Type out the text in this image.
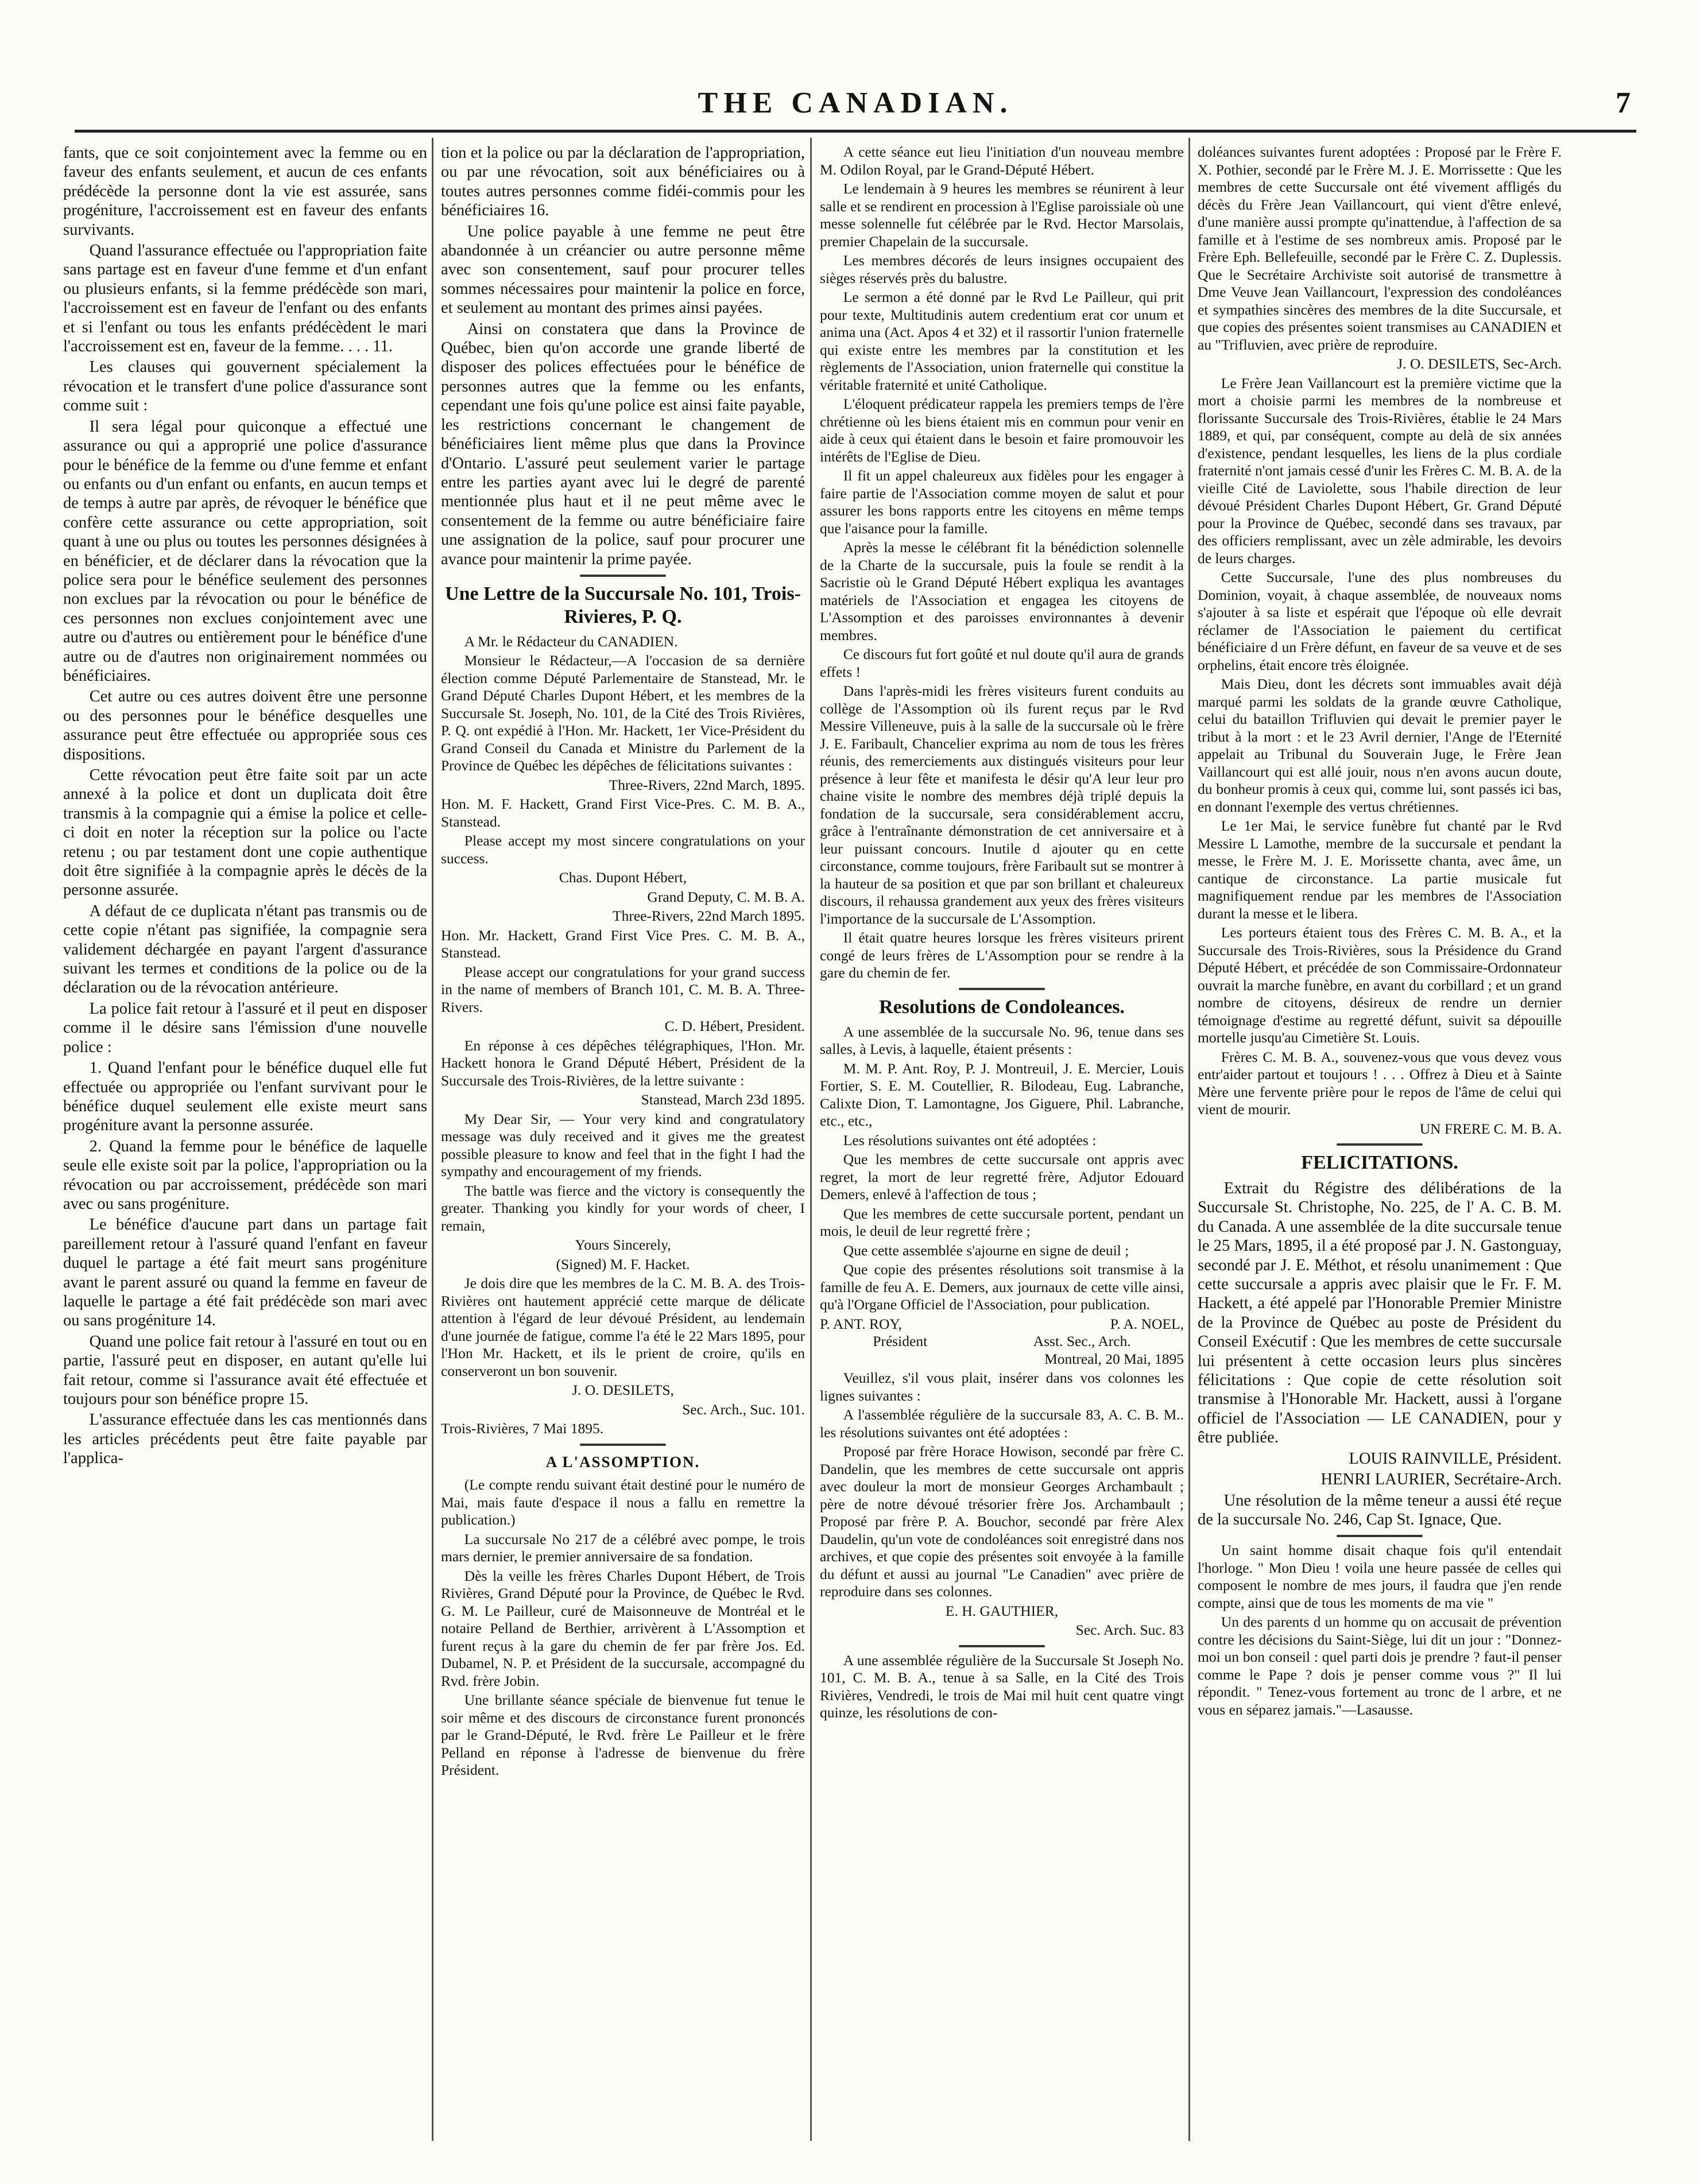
THE CANADIAN.	7

fants, que ce soit conjointement avec la femme ou en faveur des enfants seulement, et aucun de ces enfants prédécède la personne dont la vie est assurée, sans progéniture, l'accroissement est en faveur des enfants survivants.

Quand l'assurance effectuée ou l'appropriation faite sans partage est en faveur d'une femme et d'un enfant ou plusieurs enfants, si la femme prédécède son mari, l'accroissement est en faveur de l'enfant ou des enfants et si l'enfant ou tous les enfants prédécèdent le mari l'accroissement est en, faveur de la femme. . . . 11.

Les clauses qui gouvernent spécialement la révocation et le transfert d'une police d'assurance sont comme suit :

Il sera légal pour quiconque a effectué une assurance ou qui a approprié une police d'assurance pour le bénéfice de la femme ou d'une femme et enfant ou enfants ou d'un enfant ou enfants, en aucun temps et de temps à autre par après, de révoquer le bénéfice que confère cette assurance ou cette appropriation, soit quant à une ou plus ou toutes les personnes désignées à en bénéficier, et de déclarer dans la révocation que la police sera pour le bénéfice seulement des personnes non exclues par la révocation ou pour le bénéfice de ces personnes non exclues conjointement avec une autre ou d'autres ou entièrement pour le bénéfice d'une autre ou de d'autres non originairement nommées ou bénéficiaires.

Cet autre ou ces autres doivent être une personne ou des personnes pour le bénéfice desquelles une assurance peut être effectuée ou appropriée sous ces dispositions.

Cette révocation peut être faite soit par un acte annexé à la police et dont un duplicata doit être transmis à la compagnie qui a émise la police et celle-ci doit en noter la réception sur la police ou l'acte retenu ; ou par testament dont une copie authentique doit être signifiée à la compagnie après le décès de la personne assurée.

A défaut de ce duplicata n'étant pas transmis ou de cette copie n'étant pas signifiée, la compagnie sera validement déchargée en payant l'argent d'assurance suivant les termes et conditions de la police ou de la déclaration ou de la révocation antérieure.

La police fait retour à l'assuré et il peut en disposer comme il le désire sans l'émission d'une nouvelle police :

1. Quand l'enfant pour le bénéfice duquel elle fut effectuée ou appropriée ou l'enfant survivant pour le bénéfice duquel seulement elle existe meurt sans progéniture avant la personne assurée.

2. Quand la femme pour le bénéfice de laquelle seule elle existe soit par la police, l'appropriation ou la révocation ou par accroissement, prédécède son mari avec ou sans progéniture.

Le bénéfice d'aucune part dans un partage fait pareillement retour à l'assuré quand l'enfant en faveur duquel le partage a été fait meurt sans progéniture avant le parent assuré ou quand la femme en faveur de laquelle le partage a été fait prédécède son mari avec ou sans progéniture 14.

Quand une police fait retour à l'assuré en tout ou en partie, l'assuré peut en disposer, en autant qu'elle lui fait retour, comme si l'assurance avait été effectuée et toujours pour son bénéfice propre 15.

L'assurance effectuée dans les cas mentionnés dans les articles précédents peut être faite payable par l'applica-

tion et la police ou par la déclaration de l'appropriation, ou par une révocation, soit aux bénéficiaires ou à toutes autres personnes comme fidéi-commis pour les bénéficiaires 16.

Une police payable à une femme ne peut être abandonnée à un créancier ou autre personne même avec son consentement, sauf pour procurer telles sommes nécessaires pour maintenir la police en force, et seulement au montant des primes ainsi payées.

Ainsi on constatera que dans la Province de Québec, bien qu'on accorde une grande liberté de disposer des polices effectuées pour le bénéfice de personnes autres que la femme ou les enfants, cependant une fois qu'une police est ainsi faite payable, les restrictions concernant le changement de bénéficiaires lient même plus que dans la Province d'Ontario. L'assuré peut seulement varier le partage entre les parties ayant avec lui le degré de parenté mentionnée plus haut et il ne peut même avec le consentement de la femme ou autre bénéficiaire faire une assignation de la police, sauf pour procurer une avance pour maintenir la prime payée.

Une Lettre de la Succursale No. 101, Trois-Rivieres, P. Q.

A Mr. le Rédacteur du CANADIEN.

Monsieur le Rédacteur,—A l'occasion de sa dernière élection comme Député Parlementaire de Stanstead, Mr. le Grand Député Charles Dupont Hébert, et les membres de la Succursale St. Joseph, No. 101, de la Cité des Trois Rivières, P. Q. ont expédié à l'Hon. Mr. Hackett, 1er Vice-Président du Grand Conseil du Canada et Ministre du Parlement de la Province de Québec les dépêches de félicitations suivantes :

Three-Rivers, 22nd March, 1895.

Hon. M. F. Hackett, Grand First Vice-Pres. C. M. B. A., Stanstead.

Please accept my most sincere congratulations on your success.

Chas. Dupont Hébert,

Grand Deputy, C. M. B. A.

Three-Rivers, 22nd March 1895.

Hon. Mr. Hackett, Grand First Vice Pres. C. M. B. A., Stanstead.

Please accept our congratulations for your grand success in the name of members of Branch 101, C. M. B. A. Three-Rivers.

C. D. Hébert, President.

En réponse à ces dépêches télégraphiques, l'Hon. Mr. Hackett honora le Grand Député Hébert, Président de la Succursale des Trois-Rivières, de la lettre suivante :

Stanstead, March 23d 1895.

My Dear Sir, — Your very kind and congratulatory message was duly received and it gives me the greatest possible pleasure to know and feel that in the fight I had the sympathy and encouragement of my friends.

The battle was fierce and the victory is consequently the greater. Thanking you kindly for your words of cheer, I remain,

Yours Sincerely,

(Signed) M. F. Hacket.

Je dois dire que les membres de la C. M. B. A. des Trois-Rivières ont hautement apprécié cette marque de délicate attention à l'égard de leur dévoué Président, au lendemain d'une journée de fatigue, comme l'a été le 22 Mars 1895, pour l'Hon Mr. Hackett, et ils le prient de croire, qu'ils en conserveront un bon souvenir.

J. O. DESILETS,

Sec. Arch., Suc. 101.

Trois-Rivières, 7 Mai 1895.

A L'ASSOMPTION.

(Le compte rendu suivant était destiné pour le numéro de Mai, mais faute d'espace il nous a fallu en remettre la publication.)

La succursale No 217 de a célébré avec pompe, le trois mars dernier, le premier anniversaire de sa fondation.

Dès la veille les frères Charles Dupont Hébert, de Trois Rivières, Grand Député pour la Province, de Québec le Rvd. G. M. Le Pailleur, curé de Maisonneuve de Montréal et le notaire Pelland de Berthier, arrivèrent à L'Assomption et furent reçus à la gare du chemin de fer par frère Jos. Ed. Dubamel, N. P. et Président de la succursale, accompagné du Rvd. frère Jobin.

Une brillante séance spéciale de bienvenue fut tenue le soir même et des discours de circonstance furent prononcés par le Grand-Député, le Rvd. frère Le Pailleur et le frère Pelland en réponse à l'adresse de bienvenue du frère Président.

A cette séance eut lieu l'initiation d'un nouveau membre M. Odilon Royal, par le Grand-Député Hébert.

Le lendemain à 9 heures les membres se réunirent à leur salle et se rendirent en procession à l'Eglise paroissiale où une messe solennelle fut célébrée par le Rvd. Hector Marsolais, premier Chapelain de la succursale.

Les membres décorés de leurs insignes occupaient des sièges réservés près du balustre.

Le sermon a été donné par le Rvd Le Pailleur, qui prit pour texte, Multitudinis autem credentium erat cor unum et anima una (Act. Apos 4 et 32) et il rassortir l'union fraternelle qui existe entre les membres par la constitution et les règlements de l'Association, union fraternelle qui constitue la véritable fraternité et unité Catholique.

L'éloquent prédicateur rappela les premiers temps de l'ère chrétienne où les biens étaient mis en commun pour venir en aide à ceux qui étaient dans le besoin et faire promouvoir les intérêts de l'Eglise de Dieu.

Il fit un appel chaleureux aux fidèles pour les engager à faire partie de l'Association comme moyen de salut et pour assurer les bons rapports entre les citoyens en même temps que l'aisance pour la famille.

Après la messe le célébrant fit la bénédiction solennelle de la Charte de la succursale, puis la foule se rendit à la Sacristie où le Grand Député Hébert expliqua les avantages matériels de l'Association et engagea les citoyens de L'Assomption et des paroisses environnantes à devenir membres.

Ce discours fut fort goûté et nul doute qu'il aura de grands effets !

Dans l'après-midi les frères visiteurs furent conduits au collège de l'Assomption où ils furent reçus par le Rvd Messire Villeneuve, puis à la salle de la succursale où le frère J. E. Faribault, Chancelier exprima au nom de tous les frères réunis, des remerciements aux distingués visiteurs pour leur présence à leur fête et manifesta le désir qu'A leur leur pro chaine visite le nombre des membres déjà triplé depuis la fondation de la succursale, sera considérablement accru, grâce à l'entraînante démonstration de cet anniversaire et à leur puissant concours. Inutile d ajouter qu en cette circonstance, comme toujours, frère Faribault sut se montrer à la hauteur de sa position et que par son brillant et chaleureux discours, il rehaussa grandement aux yeux des frères visiteurs l'importance de la succursale de L'Assomption.

Il était quatre heures lorsque les frères visiteurs prirent congé de leurs frères de L'Assomption pour se rendre à la gare du chemin de fer.

Resolutions de Condoleances.

A une assemblée de la succursale No. 96, tenue dans ses salles, à Levis, à laquelle, étaient présents :

M. M. P. Ant. Roy, P. J. Montreuil, J. E. Mercier, Louis Fortier, S. E. M. Coutellier, R. Bilodeau, Eug. Labranche, Calixte Dion, T. Lamontagne, Jos Giguere, Phil. Labranche, etc., etc.,

Les résolutions suivantes ont été adoptées :

Que les membres de cette succursale ont appris avec regret, la mort de leur regretté frère, Adjutor Edouard Demers, enlevé à l'affection de tous ;

Que les membres de cette succursale portent, pendant un mois, le deuil de leur regretté frère ;

Que cette assemblée s'ajourne en signe de deuil ;

Que copie des présentes résolutions soit transmise à la famille de feu A. E. Demers, aux journaux de cette ville ainsi, qu'à l'Organe Officiel de l'Association, pour publication.

P. ANT. ROY,	P. A. NOEL,
Président	Asst. Sec., Arch.

Montreal, 20 Mai, 1895

Veuillez, s'il vous plait, insérer dans vos colonnes les lignes suivantes :

A l'assemblée régulière de la succursale 83, A. C. B. M.. les résolutions suivantes ont été adoptées :

Proposé par frère Horace Howison, secondé par frère C. Dandelin, que les membres de cette succursale ont appris avec douleur la mort de monsieur Georges Archambault ; père de notre dévoué trésorier frère Jos. Archambault ; Proposé par frère P. A. Bouchor, secondé par frère Alex Daudelin, qu'un vote de condoléances soit enregistré dans nos archives, et que copie des présentes soit envoyée à la famille du défunt et aussi au journal "Le Canadien" avec prière de reproduire dans ses colonnes.

E. H. GAUTHIER,

Sec. Arch. Suc. 83

A une assemblée régulière de la Succursale St Joseph No. 101, C. M. B. A., tenue à sa Salle, en la Cité des Trois Rivières, Vendredi, le trois de Mai mil huit cent quatre vingt quinze, les résolutions de con-

doléances suivantes furent adoptées : Proposé par le Frère F. X. Pothier, secondé par le Frère M. J. E. Morrissette : Que les membres de cette Succursale ont été vivement affligés du décès du Frère Jean Vaillancourt, qui vient d'être enlevé, d'une manière aussi prompte qu'inattendue, à l'affection de sa famille et à l'estime de ses nombreux amis. Proposé par le Frère Eph. Bellefeuille, secondé par le Frère C. Z. Duplessis. Que le Secrétaire Archiviste soit autorisé de transmettre à Dme Veuve Jean Vaillancourt, l'expression des condoléances et sympathies sincères des membres de la dite Succursale, et que copies des présentes soient transmises au CANADIEN et au "Trifluvien, avec prière de reproduire.

J. O. DESILETS, Sec-Arch.

Le Frère Jean Vaillancourt est la première victime que la mort a choisie parmi les membres de la nombreuse et florissante Succursale des Trois-Rivières, établie le 24 Mars 1889, et qui, par conséquent, compte au delà de six années d'existence, pendant lesquelles, les liens de la plus cordiale fraternité n'ont jamais cessé d'unir les Frères C. M. B. A. de la vieille Cité de Laviolette, sous l'habile direction de leur dévoué Président Charles Dupont Hébert, Gr. Grand Député pour la Province de Québec, secondé dans ses travaux, par des officiers remplissant, avec un zèle admirable, les devoirs de leurs charges.

Cette Succursale, l'une des plus nombreuses du Dominion, voyait, à chaque assemblée, de nouveaux noms s'ajouter à sa liste et espérait que l'époque où elle devrait réclamer de l'Association le paiement du certificat bénéficiaire d un Frère défunt, en faveur de sa veuve et de ses orphelins, était encore très éloignée.

Mais Dieu, dont les décrets sont immuables avait déjà marqué parmi les soldats de la grande œuvre Catholique, celui du bataillon Trifluvien qui devait le premier payer le tribut à la mort : et le 23 Avril dernier, l'Ange de l'Eternité appelait au Tribunal du Souverain Juge, le Frère Jean Vaillancourt qui est allé jouir, nous n'en avons aucun doute, du bonheur promis à ceux qui, comme lui, sont passés ici bas, en donnant l'exemple des vertus chrétiennes.

Le 1er Mai, le service funèbre fut chanté par le Rvd Messire L Lamothe, membre de la succursale et pendant la messe, le Frère M. J. E. Morissette chanta, avec âme, un cantique de circonstance. La partie musicale fut magnifiquement rendue par les membres de l'Association durant la messe et le libera.

Les porteurs étaient tous des Frères C. M. B. A., et la Succursale des Trois-Rivières, sous la Présidence du Grand Député Hébert, et précédée de son Commissaire-Ordonnateur ouvrait la marche funèbre, en avant du corbillard ; et un grand nombre de citoyens, désireux de rendre un dernier témoignage d'estime au regretté défunt, suivit sa dépouille mortelle jusqu'au Cimetière St. Louis.

Frères C. M. B. A., souvenez-vous que vous devez vous entr'aider partout et toujours ! . . . Offrez à Dieu et à Sainte Mère une fervente prière pour le repos de l'âme de celui qui vient de mourir.

UN FRERE C. M. B. A.

FELICITATIONS.

Extrait du Régistre des délibérations de la Succursale St. Christophe, No. 225, de l' A. C. B. M. du Canada. A une assemblée de la dite succursale tenue le 25 Mars, 1895, il a été proposé par J. N. Gastonguay, secondé par J. E. Méthot, et résolu unanimement : Que cette succursale a appris avec plaisir que le Fr. F. M. Hackett, a été appelé par l'Honorable Premier Ministre de la Province de Québec au poste de Président du Conseil Exécutif : Que les membres de cette succursale lui présentent à cette occasion leurs plus sincères félicitations : Que copie de cette résolution soit transmise à l'Honorable Mr. Hackett, aussi à l'organe officiel de l'Association — LE CANADIEN, pour y être publiée.

LOUIS RAINVILLE, Président.

HENRI LAURIER, Secrétaire-Arch.

Une résolution de la même teneur a aussi été reçue de la succursale No. 246, Cap St. Ignace, Que.

Un saint homme disait chaque fois qu'il entendait l'horloge. " Mon Dieu ! voila une heure passée de celles qui composent le nombre de mes jours, il faudra que j'en rende compte, ainsi que de tous les moments de ma vie "

Un des parents d un homme qu on accusait de prévention contre les décisions du Saint-Siège, lui dit un jour : "Donnez-moi un bon conseil : quel parti dois je prendre ? faut-il penser comme le Pape ? dois je penser comme vous ?" Il lui répondit. " Tenez-vous fortement au tronc de l arbre, et ne vous en séparez jamais."—Lasausse.
